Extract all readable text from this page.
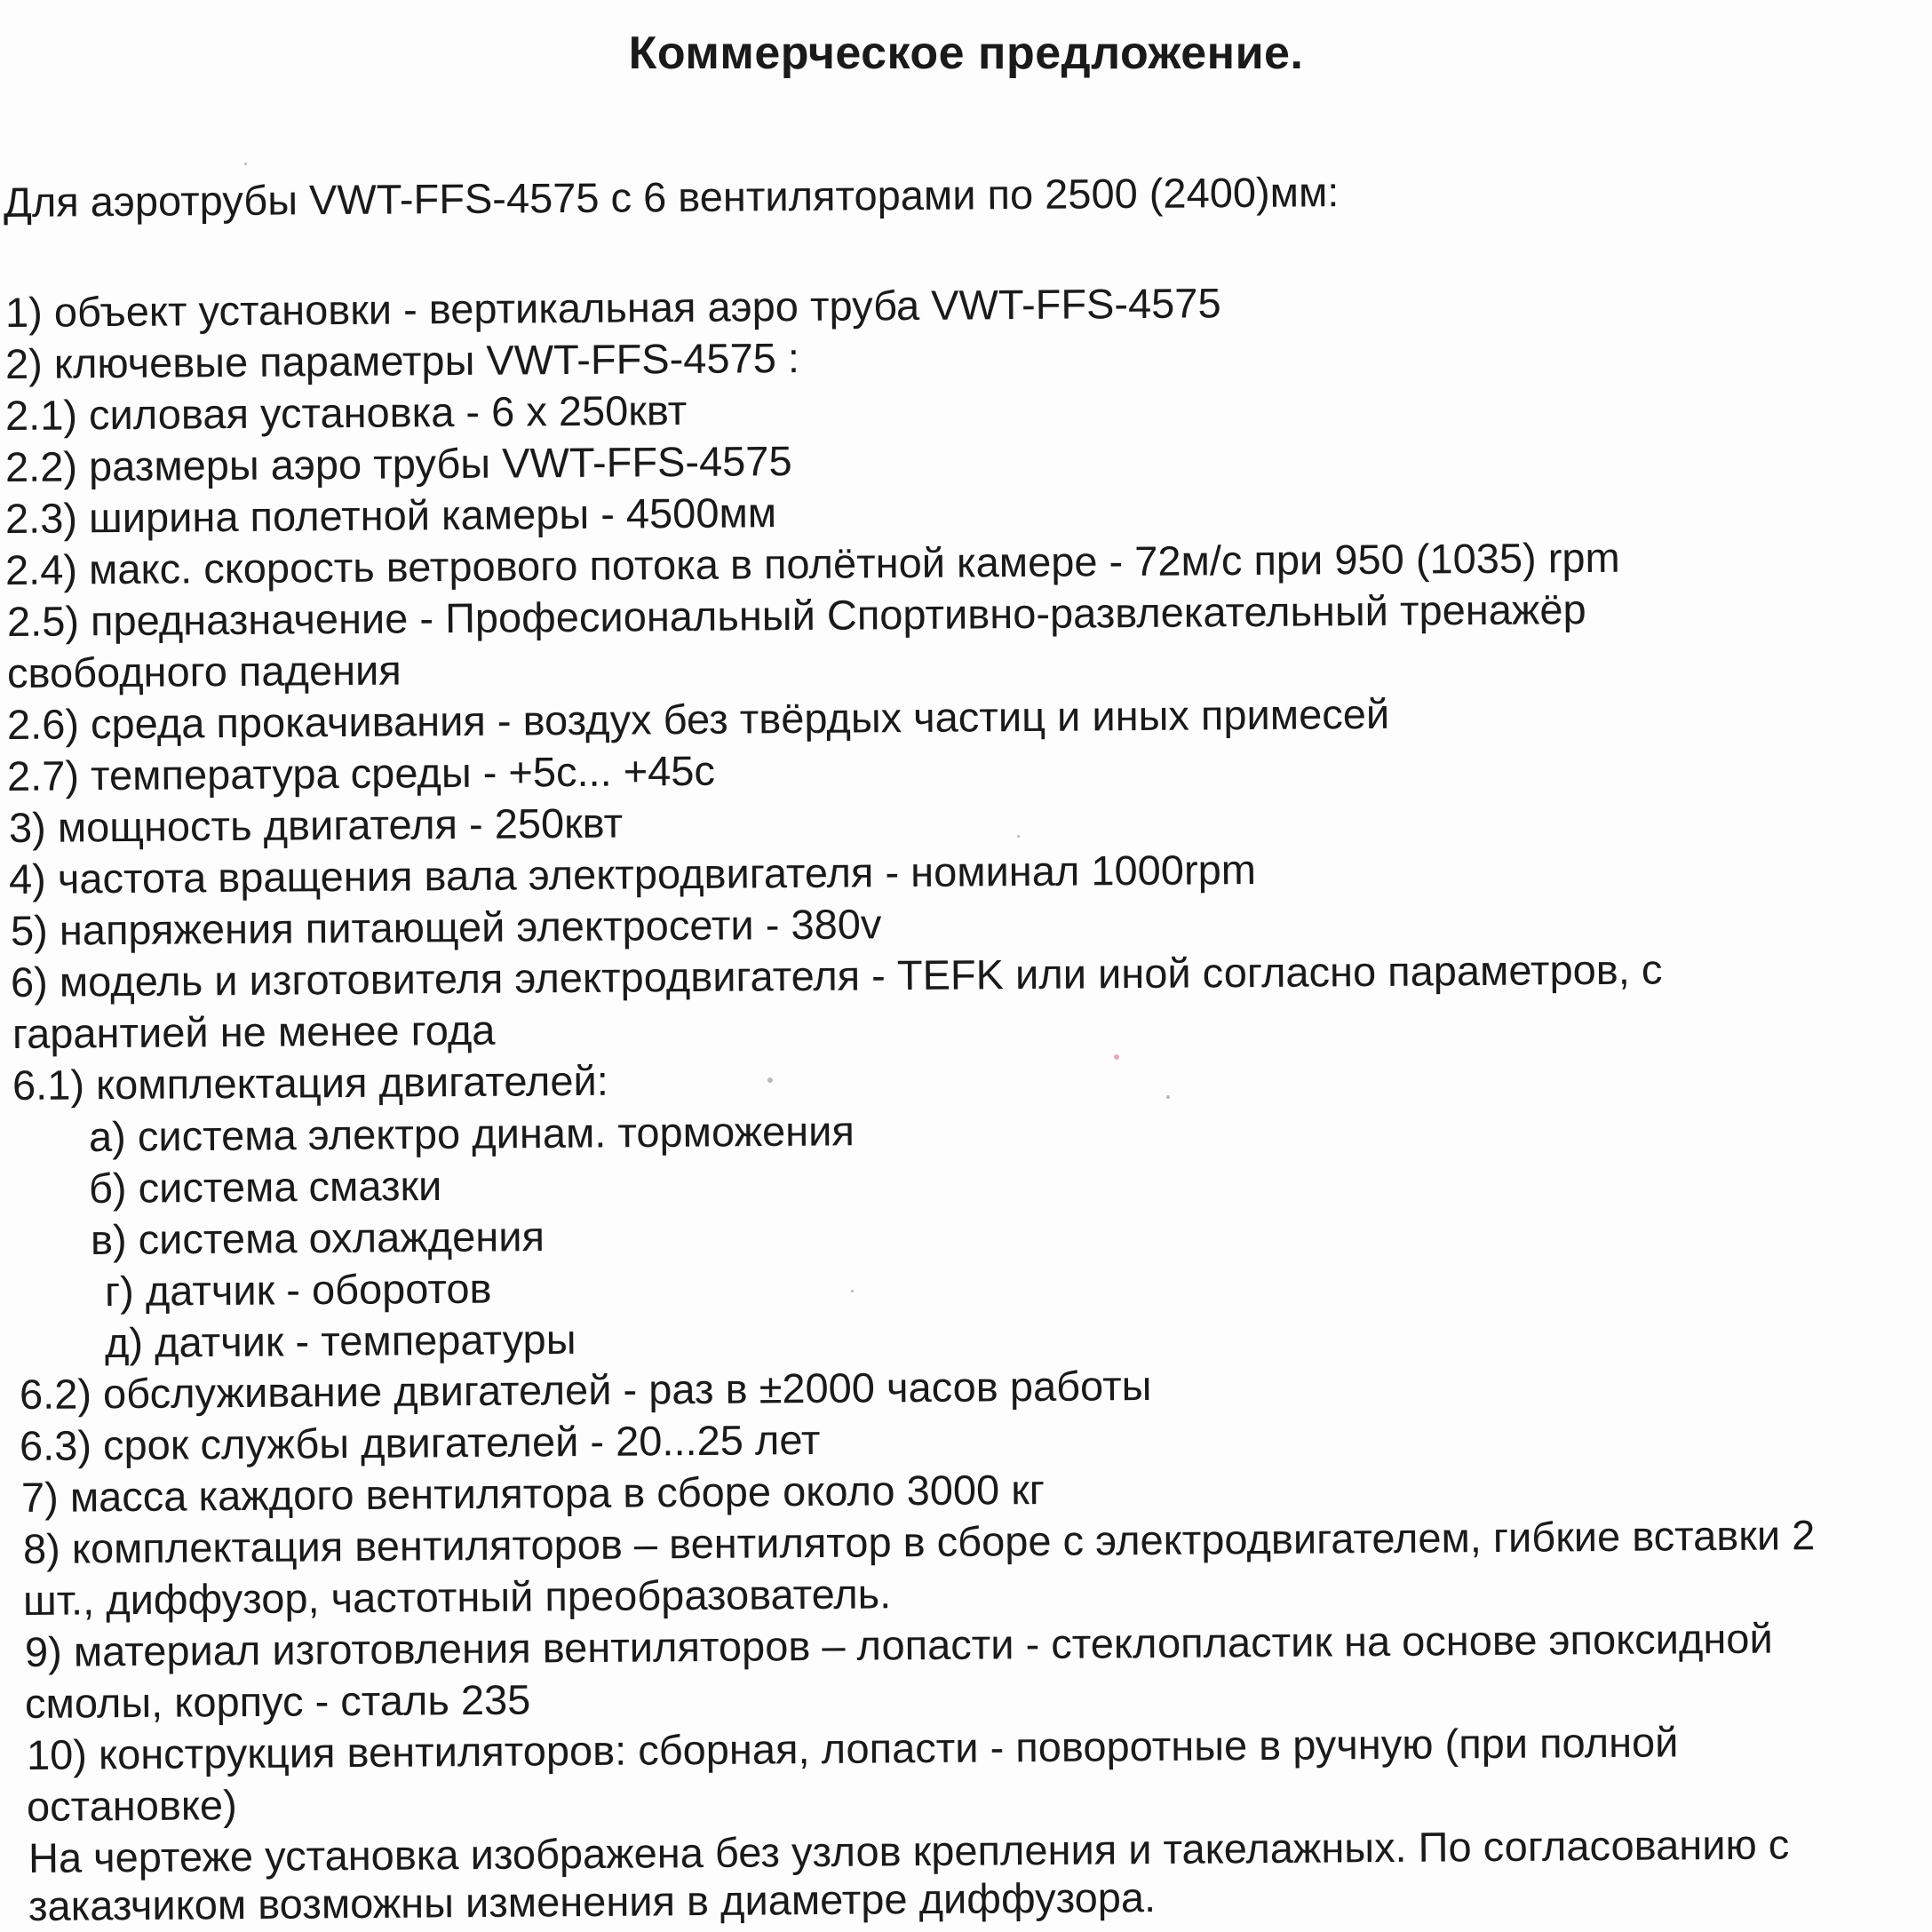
Коммерческое предложение.
Для аэротрубы VWT-FFS-4575 с 6 вентиляторами по 2500 (2400)мм:
1) объект установки - вертикальная аэро труба VWT-FFS-4575
2) ключевые параметры VWT-FFS-4575 :
2.1) силовая установка - 6 х 250квт
2.2) размеры аэро трубы VWT-FFS-4575
2.3) ширина полетной камеры - 4500мм
2.4) макс. скорость ветрового потока в полётной камере - 72м/с при 950 (1035) rpm
2.5) предназначение - Професиональный Спортивно-развлекательный тренажёр
свободного падения
2.6) среда прокачивания - воздух без твёрдых частиц и иных примесей
2.7) температура среды - +5с... +45с
3) мощность двигателя - 250квт
4) частота вращения вала электродвигателя - номинал 1000rpm
5) напряжения питающей электросети - 380v
6) модель и изготовителя электродвигателя - TEFK или иной согласно параметров, с
гарантией не менее года
6.1) комплектация двигателей:
а) система электро динам. торможения
б) система смазки
в) система охлаждения
г) датчик - оборотов
д) датчик - температуры
6.2) обслуживание двигателей - раз в ±2000 часов работы
6.3) срок службы двигателей - 20...25 лет
7) масса каждого вентилятора в сборе около 3000 кг
8) комплектация вентиляторов – вентилятор в сборе с электродвигателем, гибкие вставки 2
шт., диффузор, частотный преобразователь.
9) материал изготовления вентиляторов – лопасти - стеклопластик на основе эпоксидной
смолы, корпус - сталь 235
10) конструкция вентиляторов: сборная, лопасти - поворотные в ручную (при полной
остановке)
На чертеже установка изображена без узлов крепления и такелажных. По согласованию с
заказчиком возможны изменения в диаметре диффузора.
